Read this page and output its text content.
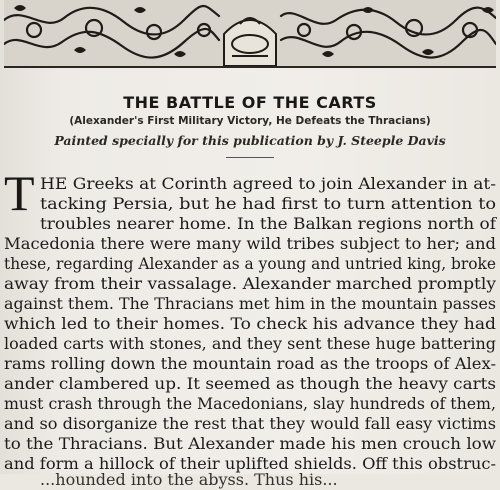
THE BATTLE OF THE CARTS
(Alexander's First Military Victory, He Defeats the Thracians)
Painted specially for this publication by J. Steeple Davis
T HE Greeks at Corinth agreed to join Alexander in at-
tacking Persia, but he had first to turn attention to
troubles nearer home. In the Balkan regions north of
Macedonia there were many wild tribes subject to her; and
these, regarding Alexander as a young and untried king, broke
away from their vassalage. Alexander marched promptly
against them. The Thracians met him in the mountain passes
which led to their homes. To check his advance they had
loaded carts with stones, and they sent these huge battering
rams rolling down the mountain road as the troops of Alex-
ander clambered up. It seemed as though the heavy carts
must crash through the Macedonians, slay hundreds of them,
and so disorganize the rest that they would fall easy victims
to the Thracians. But Alexander made his men crouch low
and form a hillock of their uplifted shields. Off this obstruc-
...hounded into the abyss. Thus his...
